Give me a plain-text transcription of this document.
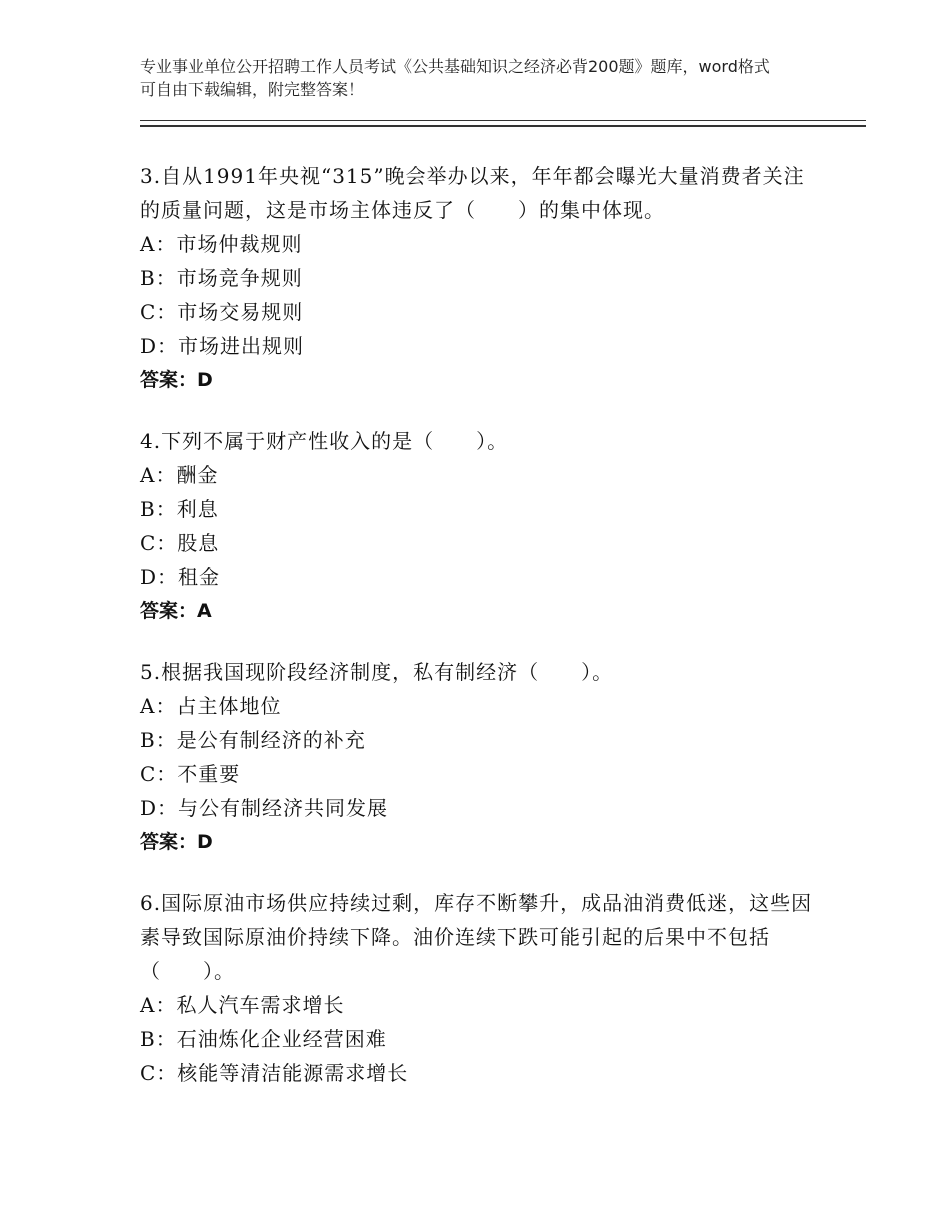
专业事业单位公开招聘工作人员考试《公共基础知识之经济必背200题》题库，word格式可自由下载编辑，附完整答案！
3.自从1991年央视“315”晚会举办以来，年年都会曝光大量消费者关注的质量问题，这是市场主体违反了（　　）的集中体现。
A：市场仲裁规则
B：市场竞争规则
C：市场交易规则
D：市场进出规则
答案：D
4.下列不属于财产性收入的是（　　）。
A：酬金
B：利息
C：股息
D：租金
答案：A
5.根据我国现阶段经济制度，私有制经济（　　）。
A：占主体地位
B：是公有制经济的补充
C：不重要
D：与公有制经济共同发展
答案：D
6.国际原油市场供应持续过剩，库存不断攀升，成品油消费低迷，这些因素导致国际原油价持续下降。油价连续下跌可能引起的后果中不包括（　　）。
A：私人汽车需求增长
B：石油炼化企业经营困难
C：核能等清洁能源需求增长
